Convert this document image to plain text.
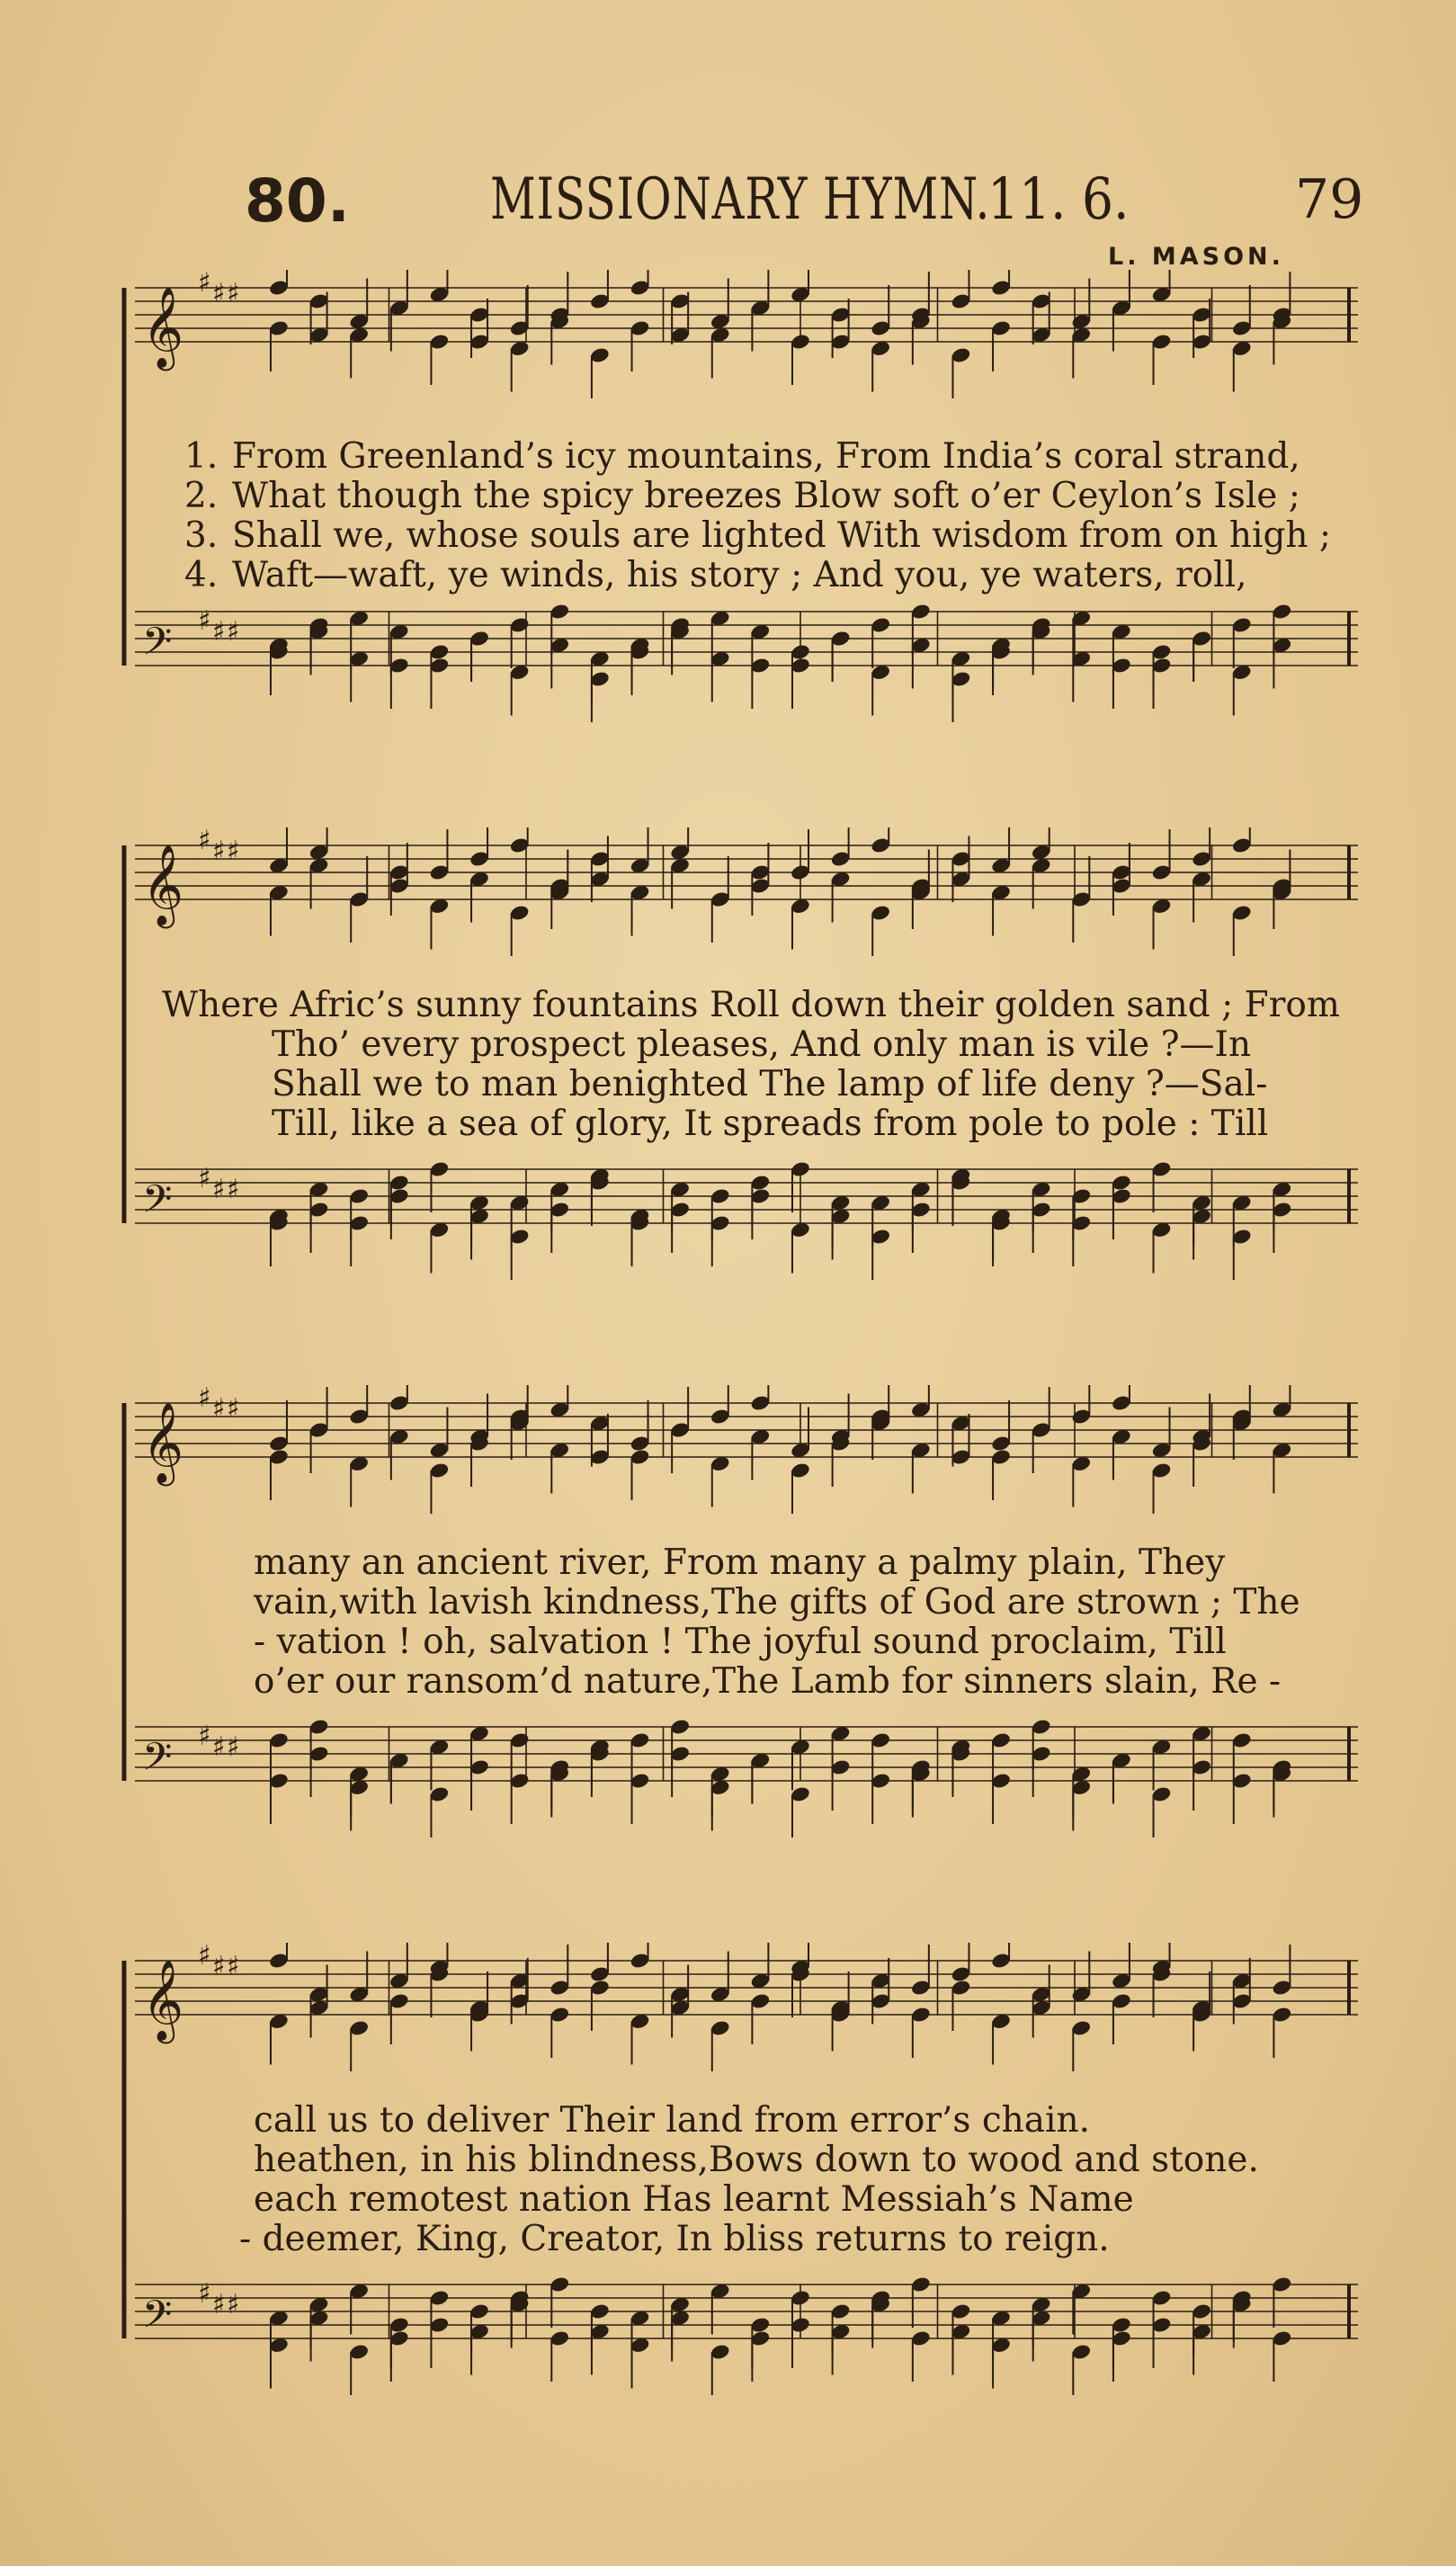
80. MISSIONARY HYMN.
11. 6.	79
L. MASON.
𝄞
♯ ♯ ♯
𝄢 ♯ ♯ ♯
1. From Greenland’s icy mountains, From India’s coral strand,
2. What though the spicy breezes Blow soft o’er Ceylon’s Isle ;
3. Shall we, whose souls are lighted With wisdom from on high ;
4. Waft—waft, ye winds, his story ; And you, ye waters, roll,
𝄞
♯ ♯ ♯
𝄢 ♯ ♯ ♯
Where Afric’s sunny fountains Roll down their golden sand ; From
Tho’ every prospect pleases, And only man is vile ?—In
Shall we to man benighted The lamp of life deny ?—Sal-
Till, like a sea of glory, It spreads from pole to pole : Till
𝄞
♯ ♯ ♯
𝄢 ♯ ♯ ♯
many an ancient river, From many a palmy plain, They
vain,with lavish kindness,The gifts of God are strown ; The
- vation ! oh, salvation ! The joyful sound proclaim, Till
o’er our ransom’d nature,The Lamb for sinners slain, Re -
𝄞
♯ ♯ ♯
𝄢 ♯ ♯ ♯
call us to deliver Their land from error’s chain.
heathen, in his blindness,Bows down to wood and stone.
each remotest nation Has learnt Messiah’s Name
- deemer, King, Creator, In bliss returns to reign.
